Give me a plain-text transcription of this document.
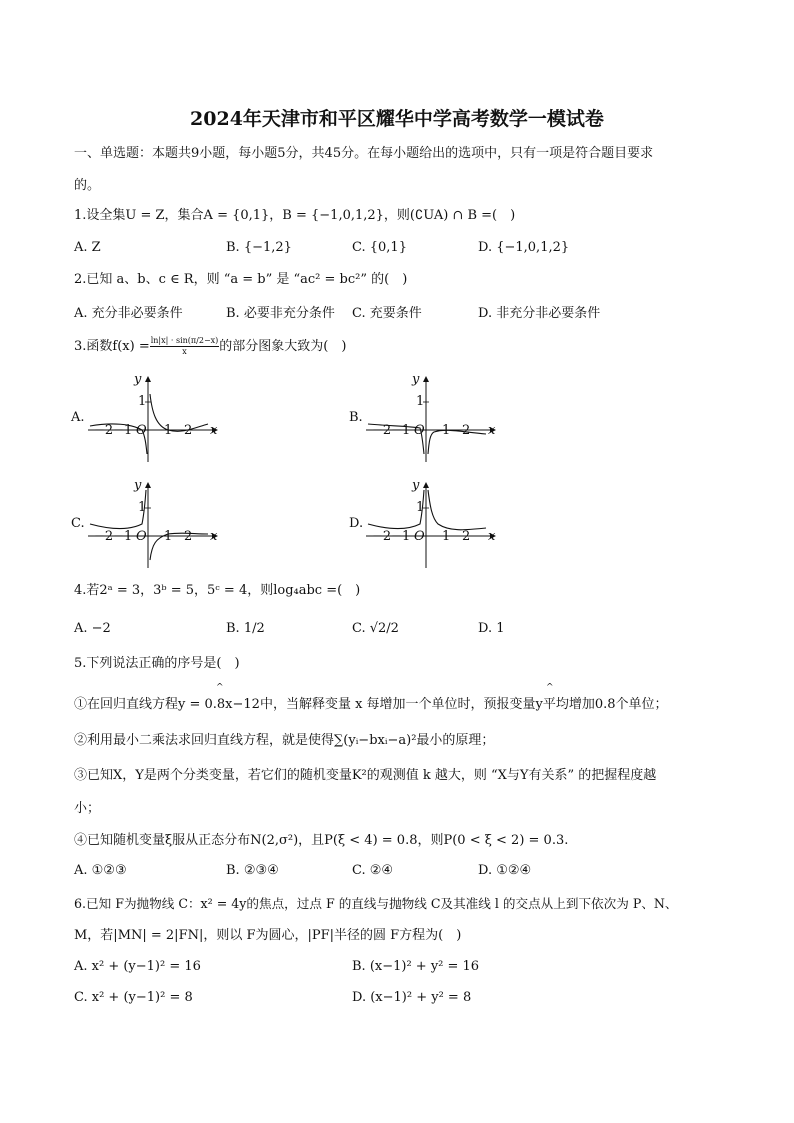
2024年天津市和平区耀华中学高考数学一模试卷
一、单选题：本题共9小题，每小题5分，共45分。在每小题给出的选项中，只有一项是符合题目要求
的。
1.设全集U = Z，集合A = {0,1}，B = {−1,0,1,2}，则(∁UA) ∩ B =(　)
A. Z	B. {−1,2}	C. {0,1}	D. {−1,0,1,2}
2.已知 a、b、c ∈ R，则 “a = b” 是 “ac² = bc²” 的(　)
A. 充分非必要条件	B. 必要非充分条件 C. 充要条件	D. 非充分非必要条件
3.函数$f(x) = \frac{\ln|x| \cdot \sin(\pi/2-x)}{x}$ 的部分图象大致为(　)
A.
y
1
−2−1 O 1 2 x
B.
y
1
−2−1 O 1 2 x
C.
y
1
−2−1 O 1 2 x
D.
y
1
−2−1 O 1 2 x
4.若2ᵃ = 3，3ᵇ = 5，5ᶜ = 4，则log₄abc =(　)
A. −2	B. 1/2	C. √2/2	D. 1
5.下列说法正确的序号是(　)
^	^
①在回归直线方程y = 0.8x−12中，当解释变量 x 每增加一个单位时，预报变量y平均增加0.8个单位；
②利用最小二乘法求回归直线方程，就是使得∑(yᵢ−bxᵢ−a)²最小的原理；
③已知X，Y是两个分类变量，若它们的随机变量K²的观测值 k 越大，则 “X与Y有关系” 的把握程度越
小；
④已知随机变量ξ服从正态分布N(2,σ²)，且P(ξ < 4) = 0.8，则P(0 < ξ < 2) = 0.3.
A. ①②③	B. ②③④	C. ②④	D. ①②④
6.已知 F为抛物线 C：x² = 4y的焦点，过点 F 的直线与抛物线 C及其准线 l 的交点从上到下依次为 P、N、
M，若|MN| = 2|FN|，则以 F为圆心，|PF|半径的圆 F方程为(　)
A. x² + (y−1)² = 16	B. (x−1)² + y² = 16
C. x² + (y−1)² = 8	D. (x−1)² + y² = 8
